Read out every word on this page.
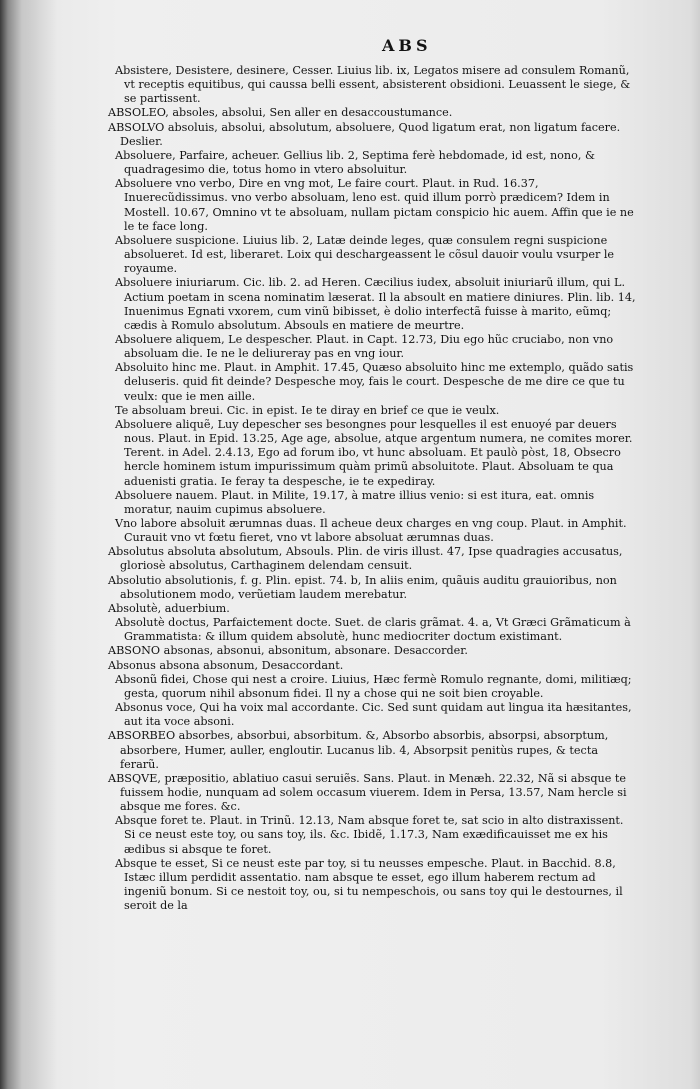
ABS

Absistere, Desistere, desinere, Cesser. Liuius lib. ix, Legatos misere ad consulem Romanũ, vt receptis equitibus, qui caussa belli essent, absisterent obsidioni. Leuassent le siege, & se partissent.

ABSOLEO, absoles, absolui, Sen aller en desaccoustumance.

ABSOLVO absoluis, absolui, absolutum, absoluere, Quod ligatum erat, non ligatum facere. Deslier.

Absoluere, Parfaire, acheuer. Gellius lib. 2, Septima ferè hebdomade, id est, nono, & quadragesimo die, totus homo in vtero absoluitur.

Absoluere vno verbo, Dire en vng mot, Le faire court. Plaut. in Rud. 16.37, Inuerecũdissimus. vno verbo absoluam, leno est. quid illum porrò prædicem? Idem in Mostell. 10.67, Omnino vt te absoluam, nullam pictam conspicio hic auem. Affin que ie ne le te face long.

Absoluere suspicione. Liuius lib. 2, Latæ deinde leges, quæ consulem regni suspicione absolueret. Id est, liberaret. Loix qui deschargeassent le cõsul dauoir voulu vsurper le royaume.

Absoluere iniuriarum. Cic. lib. 2. ad Heren. Cæcilius iudex, absoluit iniuriarũ illum, qui L. Actium poetam in scena nominatim læserat. Il la absoult en matiere diniures. Plin. lib. 14, Inuenimus Egnati vxorem, cum vinũ bibisset, è dolio interfectã fuisse à marito, eũmq; cædis à Romulo absolutum. Absouls en matiere de meurtre.

Absoluere aliquem, Le despescher. Plaut. in Capt. 12.73, Diu ego hũc cruciabo, non vno absoluam die. Ie ne le deliureray pas en vng iour.

Absoluito hinc me. Plaut. in Amphit. 17.45, Quæso absoluito hinc me extemplo, quãdo satis deluseris. quid fit deinde? Despesche moy, fais le court. Despesche de me dire ce que tu veulx: que ie men aille.

Te absoluam breui. Cic. in epist. Ie te diray en brief ce que ie veulx.

Absoluere aliquẽ, Luy depescher ses besongnes pour lesquelles il est enuoyé par deuers nous. Plaut. in Epid. 13.25, Age age, absolue, atque argentum numera, ne comites morer. Terent. in Adel. 2.4.13, Ego ad forum ibo, vt hunc absoluam. Et paulò pòst, 18, Obsecro hercle hominem istum impurissimum quàm primũ absoluitote. Plaut. Absoluam te qua aduenisti gratia. Ie feray ta despesche, ie te expediray.

Absoluere nauem. Plaut. in Milite, 19.17, à matre illius venio: si est itura, eat. omnis moratur, nauim cupimus absoluere.

Vno labore absoluit ærumnas duas. Il acheue deux charges en vng coup. Plaut. in Amphit. Curauit vno vt fœtu fieret, vno vt labore absoluat ærumnas duas.

Absolutus absoluta absolutum, Absouls. Plin. de viris illust. 47, Ipse quadragies accusatus, gloriosè absolutus, Carthaginem delendam censuit.

Absolutio absolutionis, f. g. Plin. epist. 74. b, In aliis enim, quãuis auditu grauioribus, non absolutionem modo, verũetiam laudem merebatur.

Absolutè, aduerbium.

Absolutè doctus, Parfaictement docte. Suet. de claris grãmat. 4. a, Vt Græci Grãmaticum à Grammatista: & illum quidem absolutè, hunc mediocriter doctum existimant.

ABSONO absonas, absonui, absonitum, absonare. Desaccorder.

Absonus absona absonum, Desaccordant.

Absonũ fidei, Chose qui nest a croire. Liuius, Hæc fermè Romulo regnante, domi, militiæq; gesta, quorum nihil absonum fidei. Il ny a chose qui ne soit bien croyable.

Absonus voce, Qui ha voix mal accordante. Cic. Sed sunt quidam aut lingua ita hæsitantes, aut ita voce absoni.

ABSORBEO absorbes, absorbui, absorbitum. &, Absorbo absorbis, absorpsi, absorptum, absorbere, Humer, auller, engloutir. Lucanus lib. 4, Absorpsit penitùs rupes, & tecta ferarũ.

ABSQVE, præpositio, ablatiuo casui seruiẽs. Sans. Plaut. in Menæh. 22.32, Nã si absque te fuissem hodie, nunquam ad solem occasum viuerem. Idem in Persa, 13.57, Nam hercle si absque me fores. &c.

Absque foret te. Plaut. in Trinũ. 12.13, Nam absque foret te, sat scio in alto distraxissent. Si ce neust este toy, ou sans toy, ils. &c. Ibidẽ, 1.17.3, Nam exædificauisset me ex his ædibus si absque te foret.

Absque te esset, Si ce neust este par toy, si tu neusses empesche. Plaut. in Bacchid. 8.8, Istæc illum perdidit assentatio. nam absque te esset, ego illum haberem rectum ad ingeniũ bonum. Si ce nestoit toy, ou, si tu nempeschois, ou sans toy qui le destournes, il seroit de la
